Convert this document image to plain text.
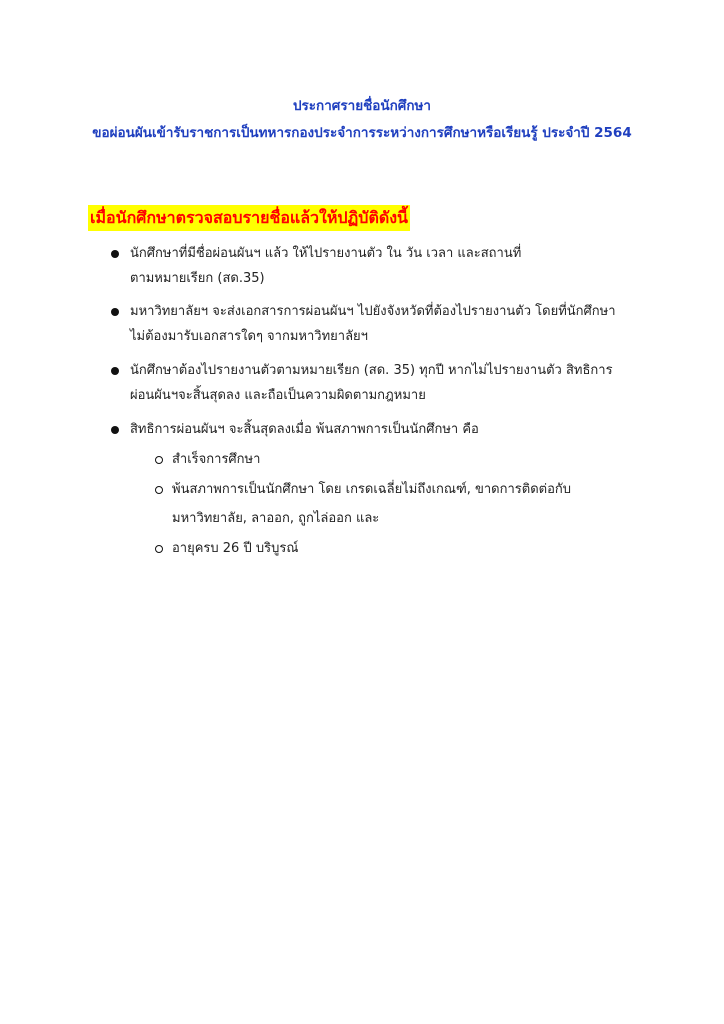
ประกาศรายชื่อนักศึกษา
ขอผ่อนผันเข้ารับราชการเป็นทหารกองประจำการระหว่างการศึกษาหรือเรียนรู้ ประจำปี 2564
เมื่อนักศึกษาตรวจสอบรายชื่อแล้วให้ปฏิบัติดังนี้
นักศึกษาที่มีชื่อผ่อนผันฯ แล้ว ให้ไปรายงานตัว ใน วัน เวลา และสถานที่
ตามหมายเรียก (สด.35)
มหาวิทยาลัยฯ จะส่งเอกสารการผ่อนผันฯ ไปยังจังหวัดที่ต้องไปรายงานตัว โดยที่นักศึกษา
ไม่ต้องมารับเอกสารใดๆ จากมหาวิทยาลัยฯ
นักศึกษาต้องไปรายงานตัวตามหมายเรียก (สด. 35) ทุกปี หากไม่ไปรายงานตัว สิทธิการ
ผ่อนผันฯจะสิ้นสุดลง และถือเป็นความผิดตามกฎหมาย
สิทธิการผ่อนผันฯ จะสิ้นสุดลงเมื่อ พ้นสภาพการเป็นนักศึกษา คือ
สำเร็จการศึกษา
พ้นสภาพการเป็นนักศึกษา โดย เกรดเฉลี่ยไม่ถึงเกณฑ์, ขาดการติดต่อกับ
มหาวิทยาลัย, ลาออก, ถูกไล่ออก และ
อายุครบ 26 ปี บริบูรณ์
